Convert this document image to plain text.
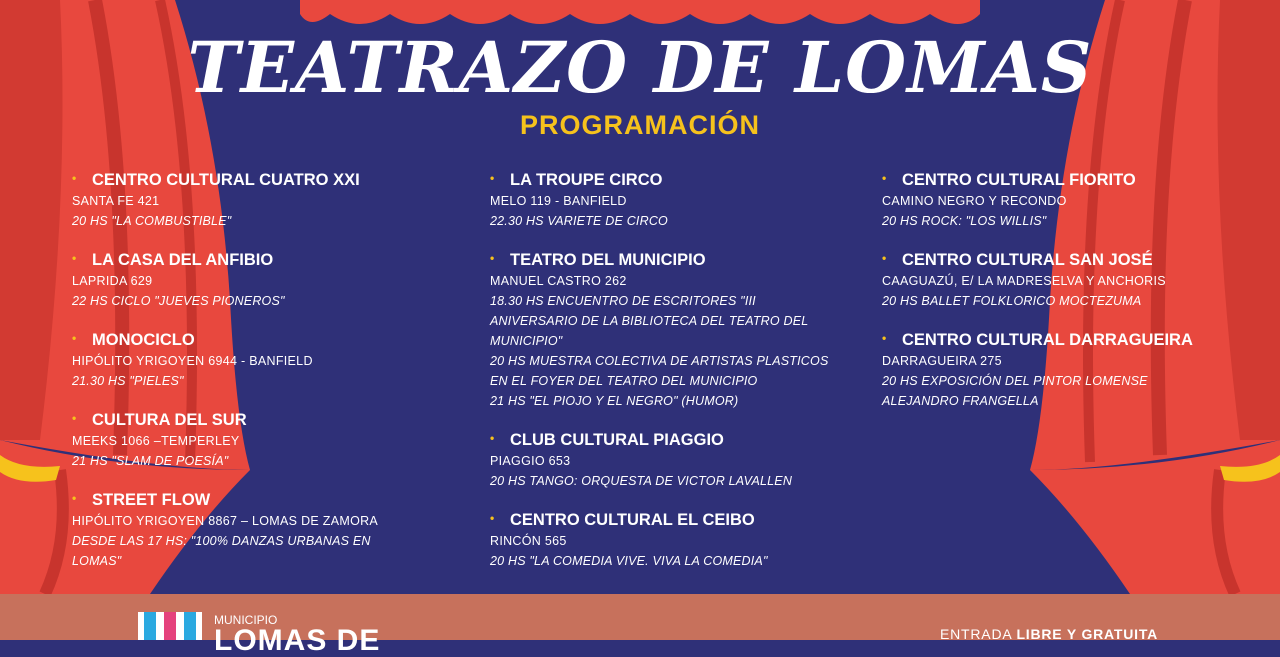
TEATRAZO DE LOMAS
PROGRAMACIÓN
• CENTRO CULTURAL CUATRO XXI
SANTA FE 421
20 HS "LA COMBUSTIBLE"
• LA CASA DEL ANFIBIO
LAPRIDA 629
22 HS CICLO "JUEVES PIONEROS"
• MONOCICLO
HIPÓLITO YRIGOYEN 6944 - BANFIELD
21.30 HS "PIELES"
• CULTURA DEL SUR
MEEKS 1066 –TEMPERLEY
21 HS "SLAM DE POESÍA"
• STREET FLOW
HIPÓLITO YRIGOYEN 8867 – LOMAS DE ZAMORA
DESDE LAS 17 HS: "100% DANZAS URBANAS EN LOMAS"
• LA TROUPE CIRCO
MELO 119 - BANFIELD
22.30 HS VARIETE DE CIRCO
• TEATRO DEL MUNICIPIO
MANUEL CASTRO 262
18.30 HS ENCUENTRO DE ESCRITORES "III ANIVERSARIO DE LA BIBLIOTECA DEL TEATRO DEL MUNICIPIO"
20 HS MUESTRA COLECTIVA DE ARTISTAS PLASTICOS EN EL FOYER DEL TEATRO DEL MUNICIPIO
21 HS "EL PIOJO Y EL NEGRO" (HUMOR)
• CLUB CULTURAL PIAGGIO
PIAGGIO 653
20 HS TANGO: ORQUESTA DE VICTOR LAVALLEN
• CENTRO CULTURAL EL CEIBO
RINCÓN 565
20 HS "LA COMEDIA VIVE. VIVA LA COMEDIA"
• CENTRO CULTURAL FIORITO
CAMINO NEGRO Y RECONDO
20 HS ROCK: "LOS WILLIS"
• CENTRO CULTURAL SAN JOSÉ
CAAGUAZÚ, E/ LA MADRESELVA Y ANCHORIS
20 HS BALLET FOLKLORICO MOCTEZUMA
• CENTRO CULTURAL DARRAGUEIRA
DARRAGUEIRA 275
20 HS EXPOSICIÓN DEL PINTOR LOMENSE ALEJANDRO FRANGELLA
MUNICIPIO
LOMAS DE	ENTRADA LIBRE Y GRATUITA
